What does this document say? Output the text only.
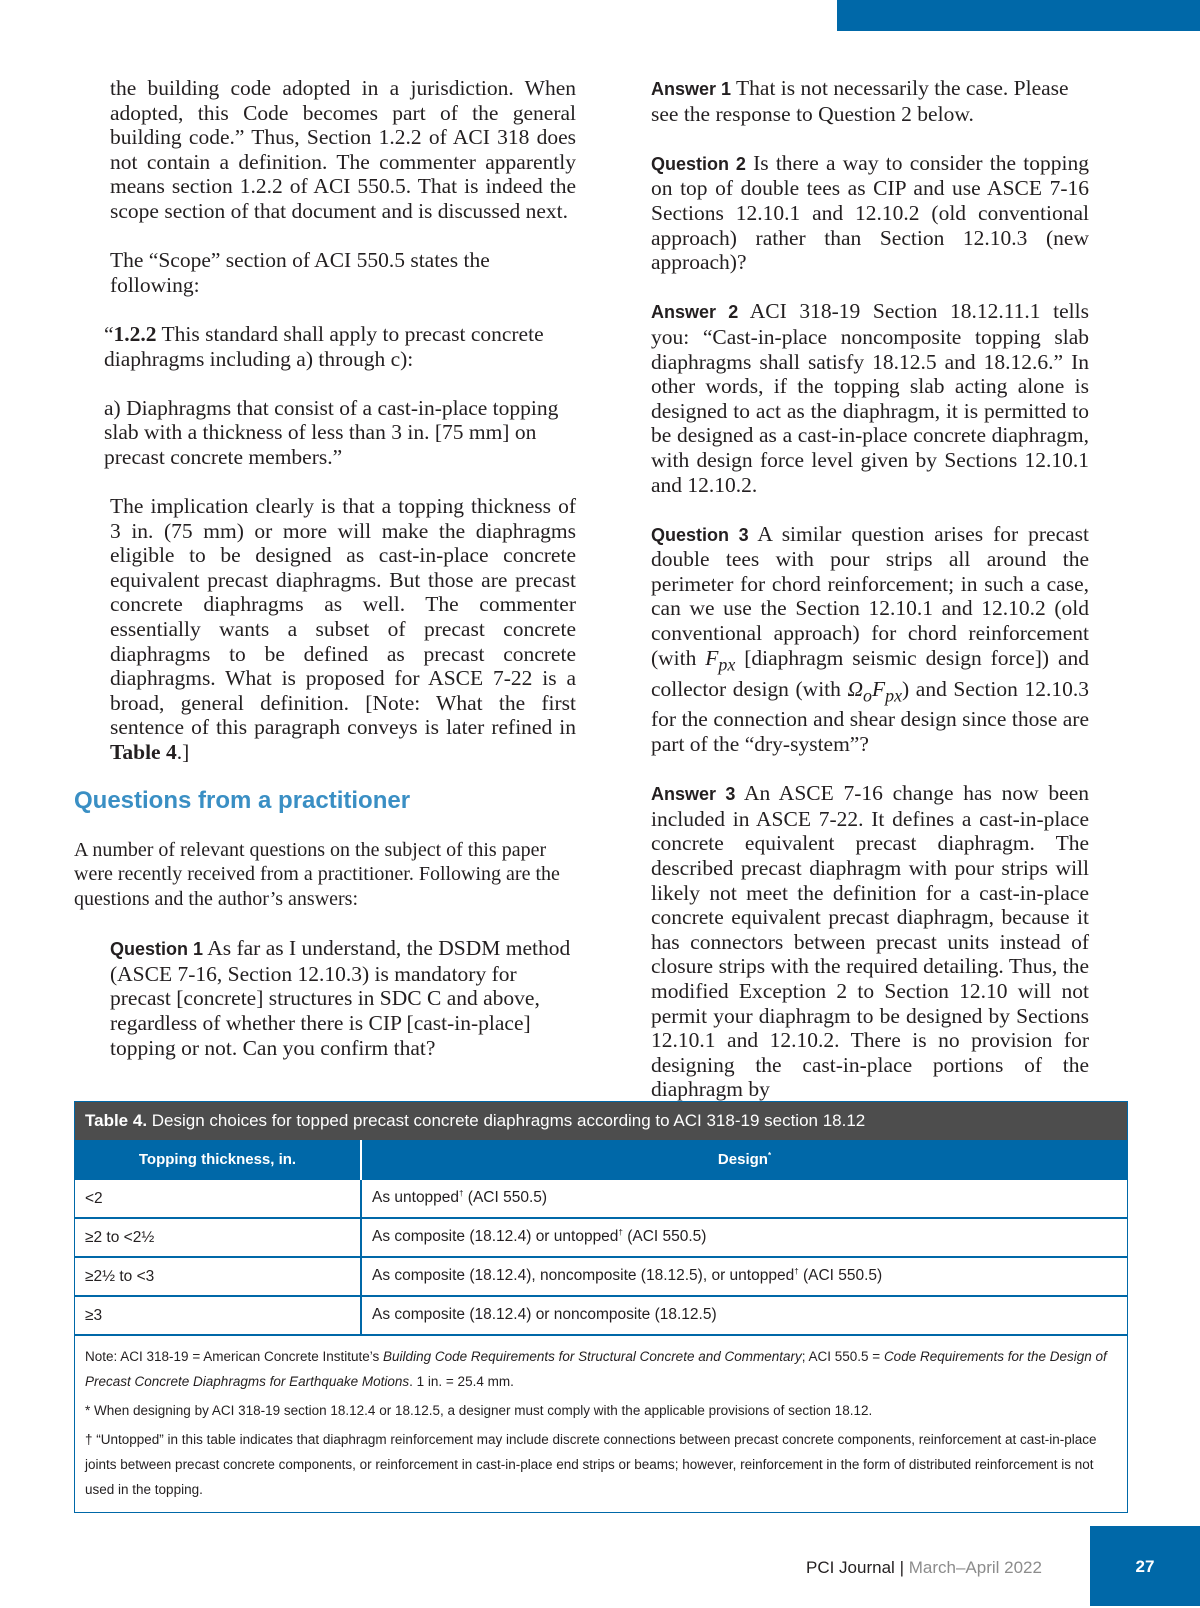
the building code adopted in a jurisdiction. When adopted, this Code becomes part of the general building code.” Thus, Section 1.2.2 of ACI 318 does not contain a definition. The commenter apparently means section 1.2.2 of ACI 550.5. That is indeed the scope section of that document and is discussed next.

The “Scope” section of ACI 550.5 states the following:

“1.2.2 This standard shall apply to precast concrete diaphragms including a) through c):

a) Diaphragms that consist of a cast-in-place topping slab with a thickness of less than 3 in. [75 mm] on precast concrete members.”

The implication clearly is that a topping thickness of 3 in. (75 mm) or more will make the diaphragms eligible to be designed as cast-in-place concrete equivalent precast diaphragms. But those are precast concrete diaphragms as well. The commenter essentially wants a subset of precast concrete diaphragms to be defined as precast concrete diaphragms. What is proposed for ASCE 7-22 is a broad, general definition. [Note: What the first sentence of this paragraph conveys is later refined in Table 4.]

Questions from a practitioner

A number of relevant questions on the subject of this paper were recently received from a practitioner. Following are the questions and the author’s answers:

Question 1 As far as I understand, the DSDM method (ASCE 7-16, Section 12.10.3) is mandatory for precast [concrete] structures in SDC C and above, regardless of whether there is CIP [cast-in-place] topping or not. Can you confirm that?

Answer 1 That is not necessarily the case. Please see the response to Question 2 below.

Question 2 Is there a way to consider the topping on top of double tees as CIP and use ASCE 7-16 Sections 12.10.1 and 12.10.2 (old conventional approach) rather than Section 12.10.3 (new approach)?

Answer 2 ACI 318-19 Section 18.12.11.1 tells you: “Cast-in-place noncomposite topping slab diaphragms shall satisfy 18.12.5 and 18.12.6.” In other words, if the topping slab acting alone is designed to act as the diaphragm, it is permitted to be designed as a cast-in-place concrete diaphragm, with design force level given by Sections 12.10.1 and 12.10.2.

Question 3 A similar question arises for precast double tees with pour strips all around the perimeter for chord reinforcement; in such a case, can we use the Section 12.10.1 and 12.10.2 (old conventional approach) for chord reinforcement (with $F_{px}$ [diaphragm seismic design force]) and collector design (with $\Omega_oF_{px}$) and Section 12.10.3 for the connection and shear design since those are part of the “dry-system”?

Answer 3 An ASCE 7-16 change has now been included in ASCE 7-22. It defines a cast-in-place concrete equivalent precast diaphragm. The described precast diaphragm with pour strips will likely not meet the definition for a cast-in-place concrete equivalent precast diaphragm, because it has connectors between precast units instead of closure strips with the required detailing. Thus, the modified Exception 2 to Section 12.10 will not permit your diaphragm to be designed by Sections 12.10.1 and 12.10.2. There is no provision for designing the cast-in-place portions of the diaphragm by

Table 4. Design choices for topped precast concrete diaphragms according to ACI 318-19 section 18.12
Topping thickness, in.	Design*
<2	As untopped† (ACI 550.5)
≥2 to <2½	As composite (18.12.4) or untopped† (ACI 550.5)
≥2½ to <3	As composite (18.12.4), noncomposite (18.12.5), or untopped† (ACI 550.5)
≥3	As composite (18.12.4) or noncomposite (18.12.5)

Note: ACI 318-19 = American Concrete Institute’s Building Code Requirements for Structural Concrete and Commentary; ACI 550.5 = Code Requirements for the Design of Precast Concrete Diaphragms for Earthquake Motions. 1 in. = 25.4 mm.

* When designing by ACI 318-19 section 18.12.4 or 18.12.5, a designer must comply with the applicable provisions of section 18.12.

† “Untopped” in this table indicates that diaphragm reinforcement may include discrete connections between precast concrete components, reinforcement at cast-in-place joints between precast concrete components, or reinforcement in cast-in-place end strips or beams; however, reinforcement in the form of distributed reinforcement is not used in the topping.

PCI Journal | March–April 2022	27
